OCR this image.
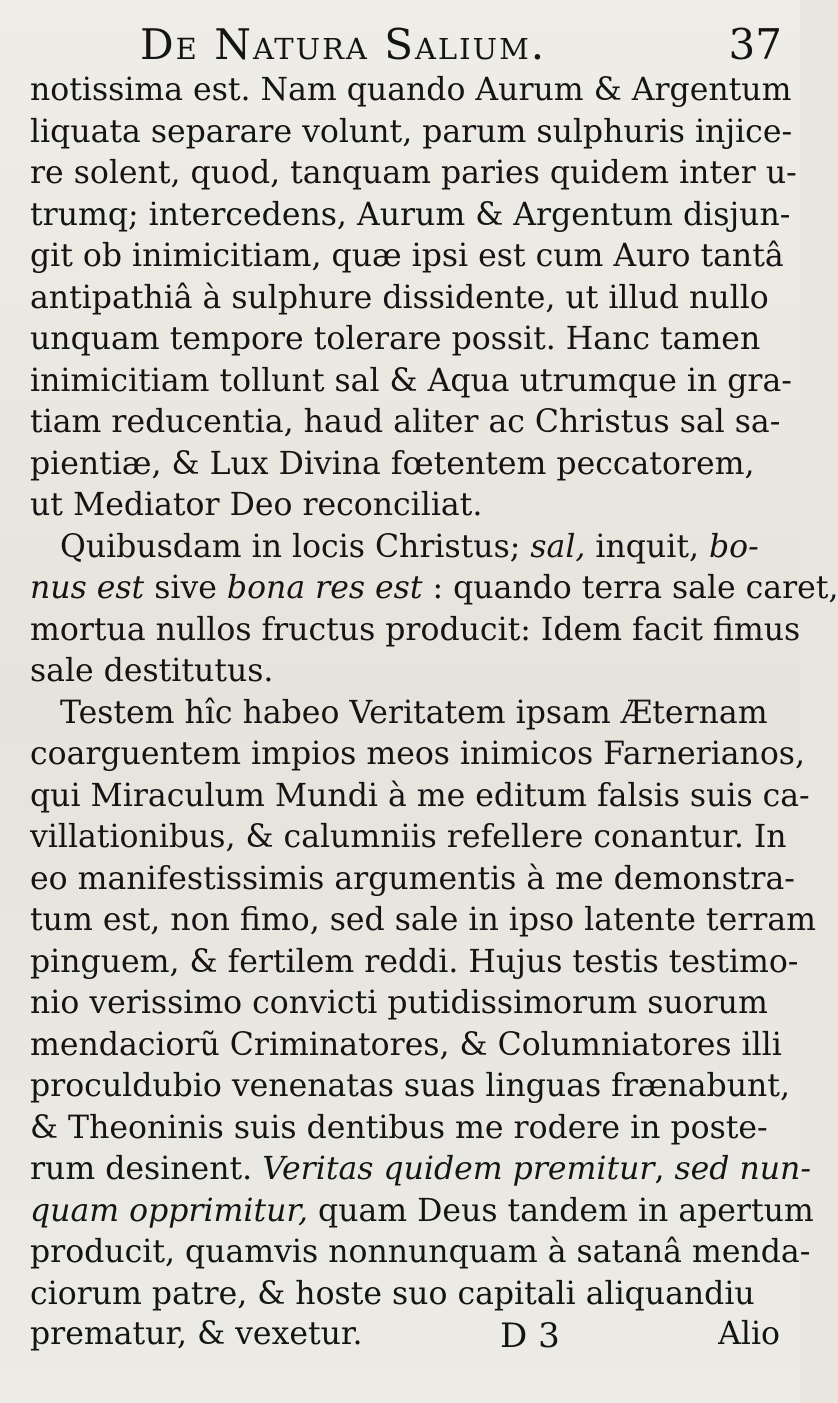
De Natura Salium.	37
notissima est. Nam quando Aurum & Argentum
liquata separare volunt, parum sulphuris injice-
re solent, quod, tanquam paries quidem inter u-
trumq; intercedens, Aurum & Argentum disjun-
git ob inimicitiam, quæ ipsi est cum Auro tantâ
antipathiâ à sulphure dissidente, ut illud nullo
unquam tempore tolerare possit. Hanc tamen
inimicitiam tollunt sal & Aqua utrumque in gra-
tiam reducentia, haud aliter ac Christus sal sa-
pientiæ, & Lux Divina fœtentem peccatorem,
ut Mediator Deo reconciliat.
Quibusdam in locis Christus; sal, inquit, bo-
nus est sive bona res est : quando terra sale caret,
mortua nullos fructus producit: Idem facit fimus
sale destitutus.
Testem hîc habeo Veritatem ipsam Æternam
coarguentem impios meos inimicos Farnerianos,
qui Miraculum Mundi à me editum falsis suis ca-
villationibus, & calumniis refellere conantur. In
eo manifestissimis argumentis à me demonstra-
tum est, non fimo, sed sale in ipso latente terram
pinguem, & fertilem reddi. Hujus testis testimo-
nio verissimo convicti putidissimorum suorum
mendaciorũ Criminatores, & Columniatores illi
proculdubio venenatas suas linguas frænabunt,
& Theoninis suis dentibus me rodere in poste-
rum desinent. Veritas quidem premitur, sed nun-
quam opprimitur, quam Deus tandem in apertum
producit, quamvis nonnunquam à satanâ menda-
ciorum patre, & hoste suo capitali aliquandiu
prematur, & vexetur.	D 3	Alio
